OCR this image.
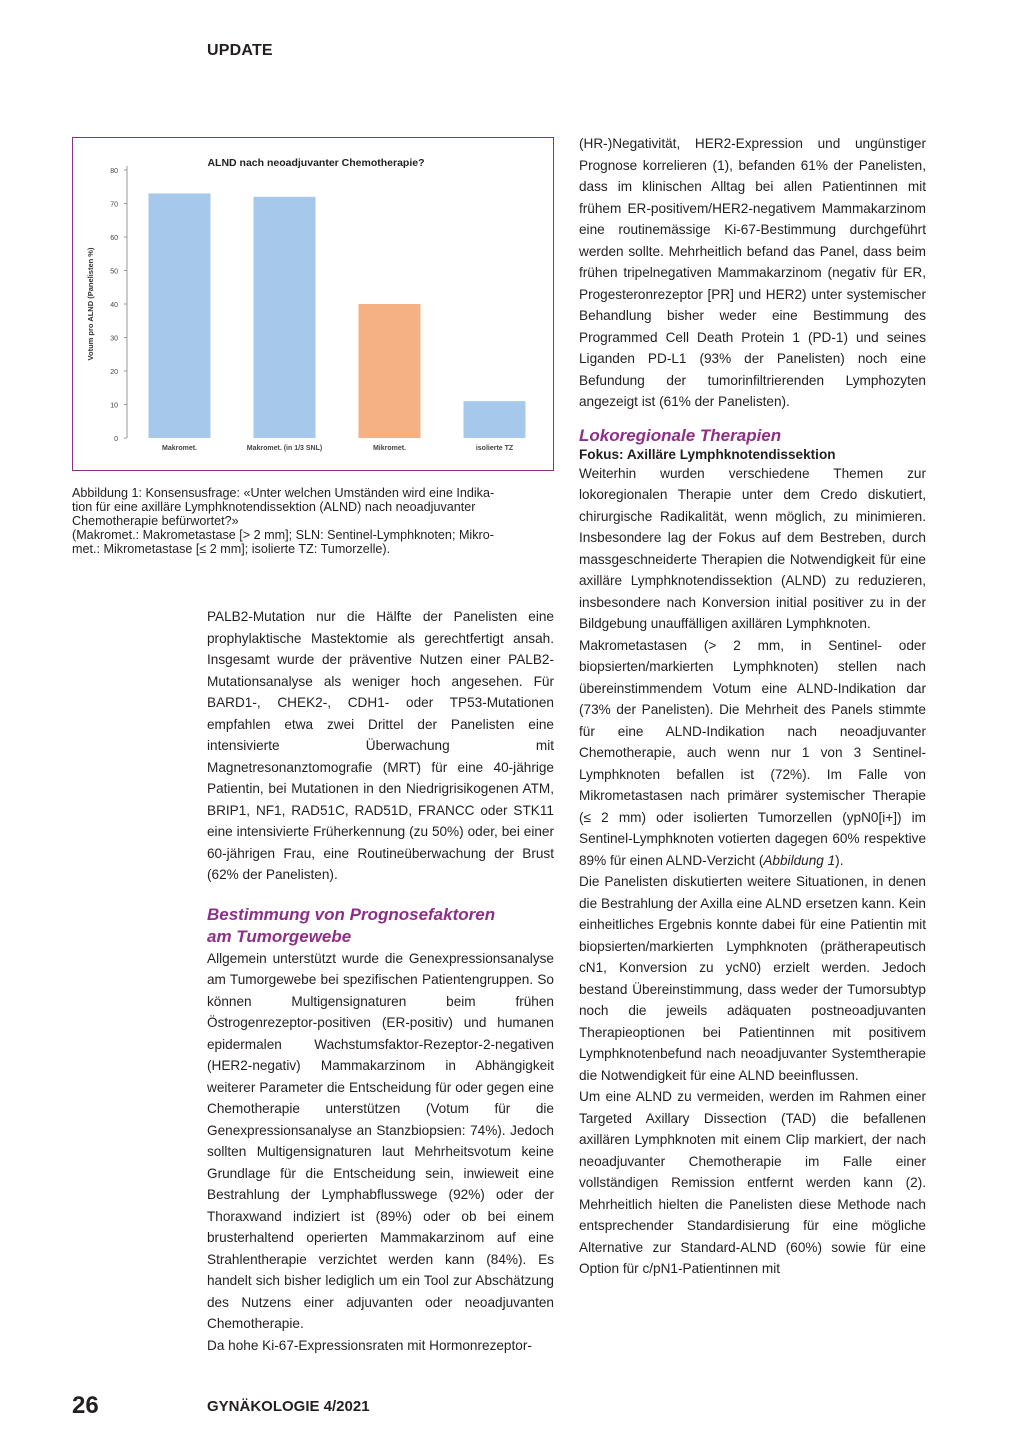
UPDATE
ALND nach neoadjuvanter Chemotherapie?
0
10
20
30
40
50
60
70
80
Votum pro ALND (Panelisten %)
Makromet.	Makromet. (in 1/3 SNL)	Mikromet.	isolierte TZ

Abbildung 1: Konsensusfrage: «Unter welchen Umständen wird eine Indika-

tion für eine axilläre Lymphknotendissektion (ALND) nach neoadjuvanter

Chemotherapie befürwortet?»

(Makromet.: Makrometastase [> 2 mm]; SLN: Sentinel-Lymphknoten; Mikro-

met.: Mikrometastase [≤ 2 mm]; isolierte TZ: Tumorzelle).

PALB2-Mutation nur die Hälfte der Panelisten eine prophylaktische Mastektomie als gerechtfertigt ansah. Insgesamt wurde der präventive Nutzen einer PALB2-Mutationsanalyse als weniger hoch angesehen. Für BARD1-, CHEK2-, CDH1- oder TP53-Mutationen empfahlen etwa zwei Drittel der Panelisten eine intensivierte Überwachung mit Magnetresonanztomografie (MRT) für eine 40-jährige Patientin, bei Mutationen in den Niedrigrisikogenen ATM, BRIP1, NF1, RAD51C, RAD51D, FRANCC oder STK11 eine intensivierte Früherkennung (zu 50%) oder, bei einer 60-jährigen Frau, eine Routineüberwachung der Brust (62% der Panelisten).

Bestimmung von Prognosefaktoren
am Tumorgewebe

Allgemein unterstützt wurde die Genexpressionsanalyse am Tumorgewebe bei spezifischen Patientengruppen. So können Multigensignaturen beim frühen Östrogenrezeptor-positiven (ER-positiv) und humanen epidermalen Wachstumsfaktor-Rezeptor-2-negativen (HER2-negativ) Mammakarzinom in Abhängigkeit weiterer Parameter die Entscheidung für oder gegen eine Chemotherapie unterstützen (Votum für die Genexpressionsanalyse an Stanzbiopsien: 74%). Jedoch sollten Multigensignaturen laut Mehrheitsvotum keine Grundlage für die Entscheidung sein, inwieweit eine Bestrahlung der Lymphabflusswege (92%) oder der Thoraxwand indiziert ist (89%) oder ob bei einem brusterhaltend operierten Mammakarzinom auf eine Strahlentherapie verzichtet werden kann (84%). Es handelt sich bisher lediglich um ein Tool zur Abschätzung des Nutzens einer adjuvanten oder neoadjuvanten Chemotherapie.

Da hohe Ki-67-Expressionsraten mit Hormonrezeptor-

(HR-)Negativität, HER2-Expression und ungünstiger Prognose korrelieren (1), befanden 61% der Panelisten, dass im klinischen Alltag bei allen Patientinnen mit frühem ER-positivem/HER2-negativem Mammakarzinom eine routinemässige Ki-67-Bestimmung durchgeführt werden sollte. Mehrheitlich befand das Panel, dass beim frühen tripelnegativen Mammakarzinom (negativ für ER, Progesteronrezeptor [PR] und HER2) unter systemischer Behandlung bisher weder eine Bestimmung des Programmed Cell Death Protein 1 (PD-1) und seines Liganden PD-L1 (93% der Panelisten) noch eine Befundung der tumorinfiltrierenden Lymphozyten angezeigt ist (61% der Panelisten).

Lokoregionale Therapien
Fokus: Axilläre Lymphknotendissektion

Weiterhin wurden verschiedene Themen zur lokoregionalen Therapie unter dem Credo diskutiert, chirurgische Radikalität, wenn möglich, zu minimieren. Insbesondere lag der Fokus auf dem Bestreben, durch massgeschneiderte Therapien die Notwendigkeit für eine axilläre Lymphknotendissektion (ALND) zu reduzieren, insbesondere nach Konversion initial positiver zu in der Bildgebung unauffälligen axillären Lymphknoten.

Makrometastasen (> 2 mm, in Sentinel- oder biopsierten/markierten Lymphknoten) stellen nach übereinstimmendem Votum eine ALND-Indikation dar (73% der Panelisten). Die Mehrheit des Panels stimmte für eine ALND-Indikation nach neoadjuvanter Chemotherapie, auch wenn nur 1 von 3 Sentinel-Lymphknoten befallen ist (72%). Im Falle von Mikrometastasen nach primärer systemischer Therapie (≤ 2 mm) oder isolierten Tumorzellen (ypN0[i+]) im Sentinel-Lymphknoten votierten dagegen 60% respektive 89% für einen ALND-Verzicht (Abbildung 1).

Die Panelisten diskutierten weitere Situationen, in denen die Bestrahlung der Axilla eine ALND ersetzen kann. Kein einheitliches Ergebnis konnte dabei für eine Patientin mit biopsierten/markierten Lymphknoten (prätherapeutisch cN1, Konversion zu ycN0) erzielt werden. Jedoch bestand Übereinstimmung, dass weder der Tumorsubtyp noch die jeweils adäquaten postneoadjuvanten Therapieoptionen bei Patientinnen mit positivem Lymphknotenbefund nach neoadjuvanter Systemtherapie die Notwendigkeit für eine ALND beeinflussen.

Um eine ALND zu vermeiden, werden im Rahmen einer Targeted Axillary Dissection (TAD) die befallenen axillären Lymphknoten mit einem Clip markiert, der nach neoadjuvanter Chemotherapie im Falle einer vollständigen Remission entfernt werden kann (2). Mehrheitlich hielten die Panelisten diese Methode nach entsprechender Standardisierung für eine mögliche Alternative zur Standard-ALND (60%) sowie für eine Option für c/pN1-Patientinnen mit

26	GYNÄKOLOGIE 4/2021
